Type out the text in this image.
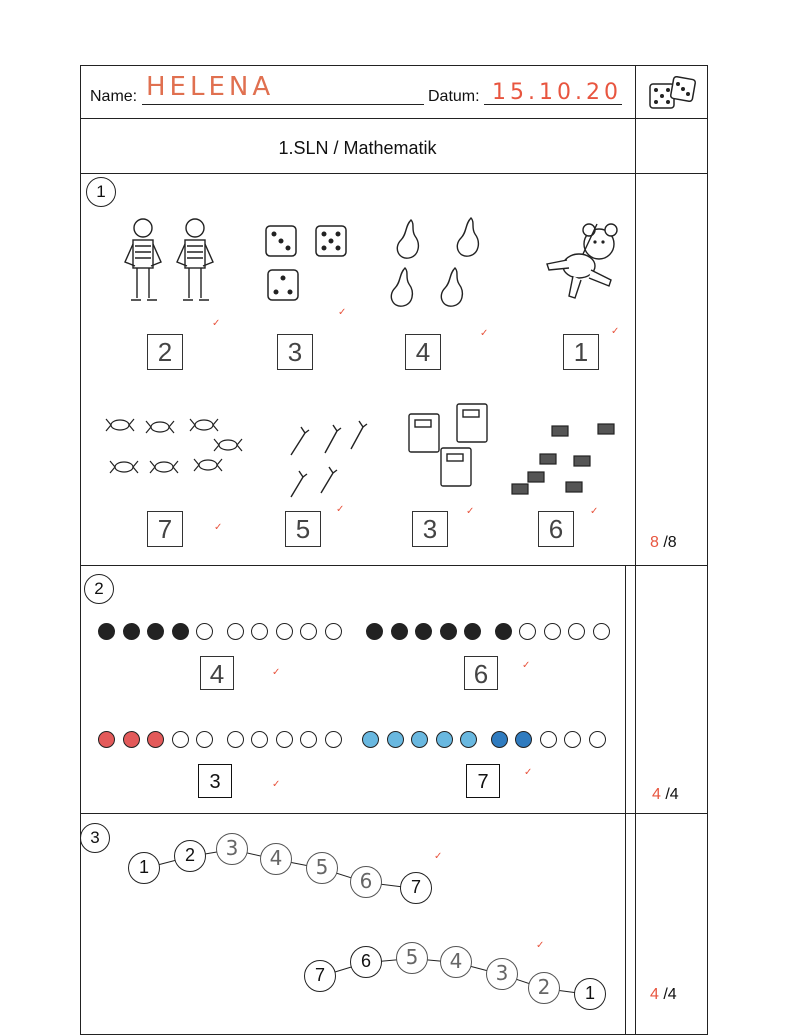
Name: HELENA	Datum: 15.10.20
1.SLN / Mathematik
1
2	3	4	1
✓
✓
✓	✓
7	5	3	6
✓
✓	✓	✓
8 /8
2
4	6
3	7
✓
✓
✓
✓
4 /4
3
1
2	3	4	5
6	7
7
6	5	4	3
2	1
✓
✓
4 /4
